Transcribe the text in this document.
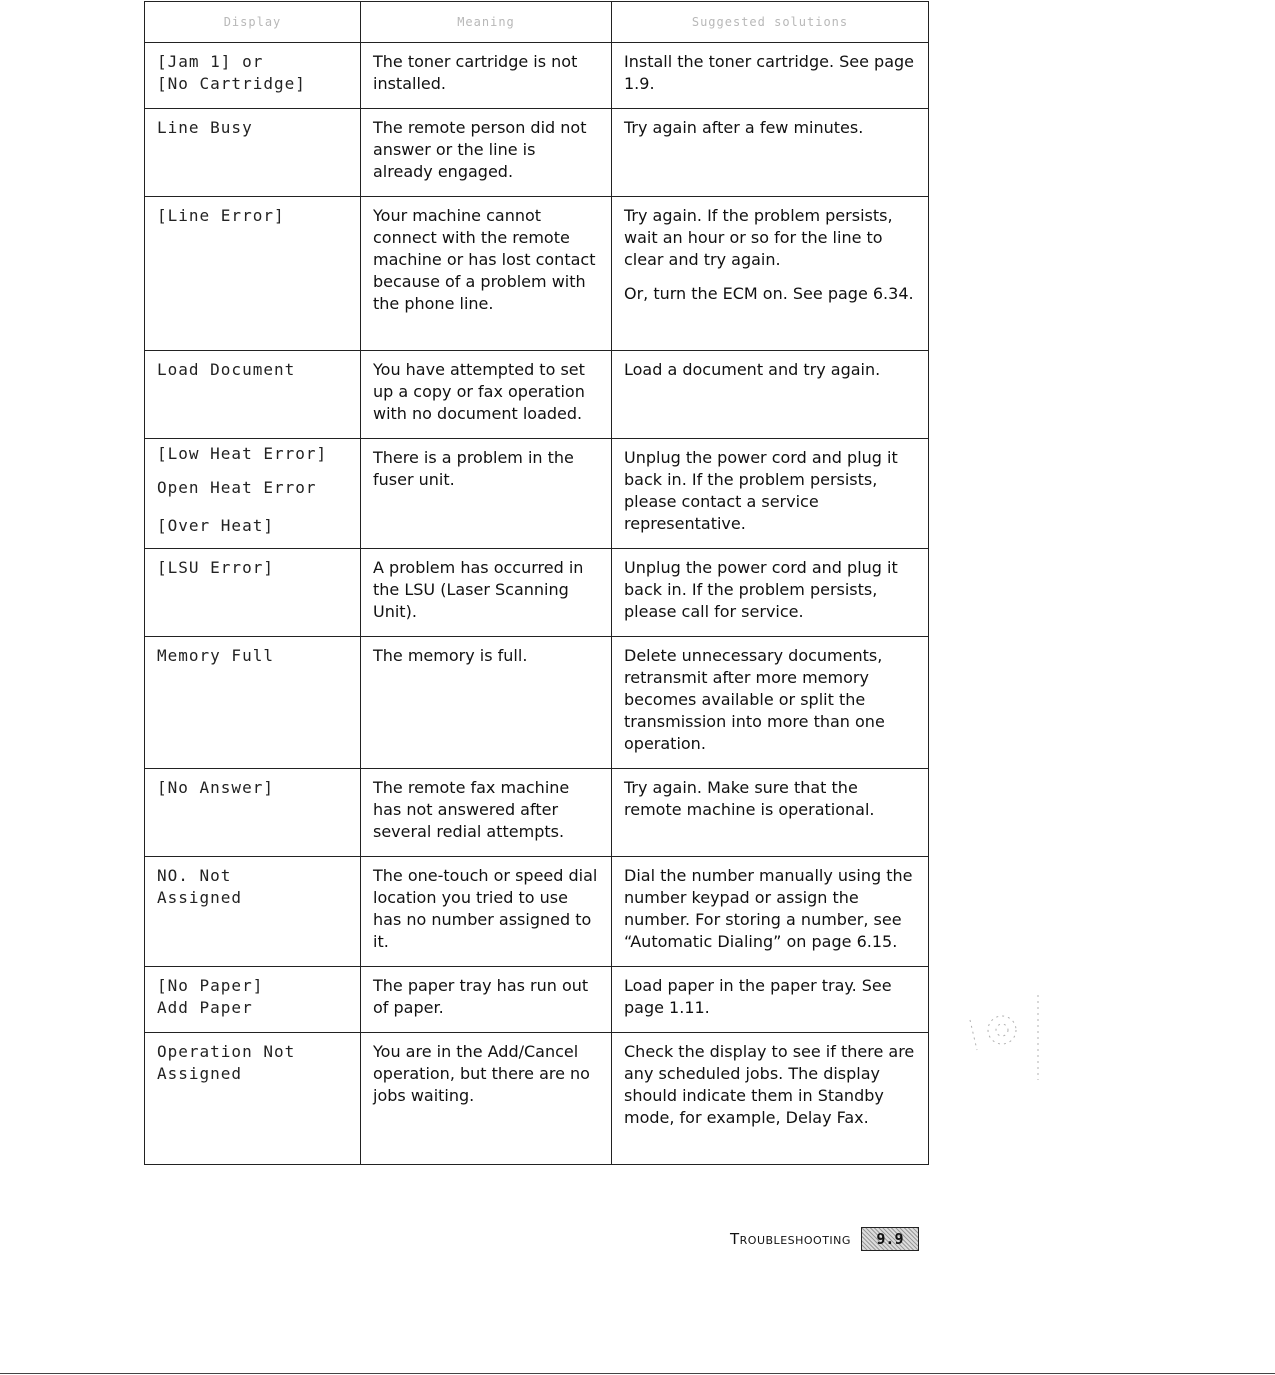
Display	Meaning	Suggested solutions

[Jam 1] or
[No Cartridge]	The toner cartridge is not installed.	Install the toner cartridge. See page 1.9.

Line Busy	The remote person did not answer or the line is already engaged.	Try again after a few minutes.

[Line Error]	Your machine cannot connect with the remote machine or has lost contact because of a problem with the phone line.	Try again. If the problem persists, wait an hour or so for the line to clear and try again.
Or, turn the ECM on. See page 6.34.

Load Document	You have attempted to set up a copy or fax operation with no document loaded.	Load a document and try again.

[Low Heat Error]
Open Heat Error
[Over Heat]	There is a problem in the fuser unit.	Unplug the power cord and plug it back in. If the problem persists, please contact a service representative.

[LSU Error]	A problem has occurred in the LSU (Laser Scanning Unit).	Unplug the power cord and plug it back in. If the problem persists, please call for service.

Memory Full	The memory is full.	Delete unnecessary documents, retransmit after more memory becomes available or split the transmission into more than one operation.

[No Answer]	The remote fax machine has not answered after several redial attempts.	Try again. Make sure that the remote machine is operational.

NO. Not
Assigned	The one-touch or speed dial location you tried to use has no number assigned to it.	Dial the number manually using the number keypad or assign the number. For storing a number, see “Automatic Dialing” on page 6.15.

[No Paper]
Add Paper	The paper tray has run out of paper.	Load paper in the paper tray. See page 1.11.

Operation Not
Assigned	You are in the Add/Cancel operation, but there are no jobs waiting.	Check the display to see if there are any scheduled jobs. The display should indicate them in Standby mode, for example, Delay Fax.
Troubleshooting	9.9
